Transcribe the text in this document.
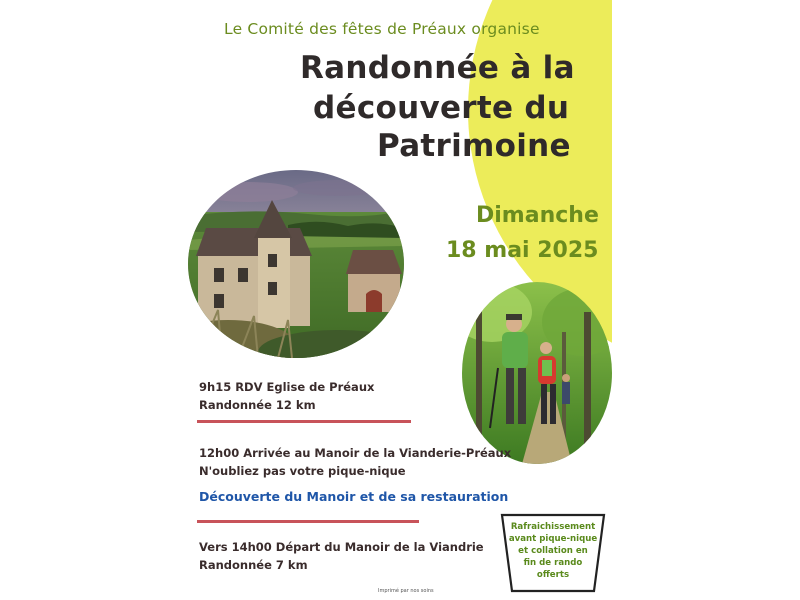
Le Comité des fêtes de Préaux organise
Randonnée à la
découverte du
Patrimoine
Dimanche
18 mai 2025
9h15 RDV Eglise de Préaux
Randonnée 12 km
12h00 Arrivée au Manoir de la Vianderie-Préaux
N'oubliez pas votre pique-nique
Découverte du Manoir et de sa restauration
Vers 14h00 Départ du Manoir de la Viandrie
Randonnée 7 km
Rafraichissement
avant pique-nique
et collation en
fin de rando
offerts
Imprimé par nos soins
